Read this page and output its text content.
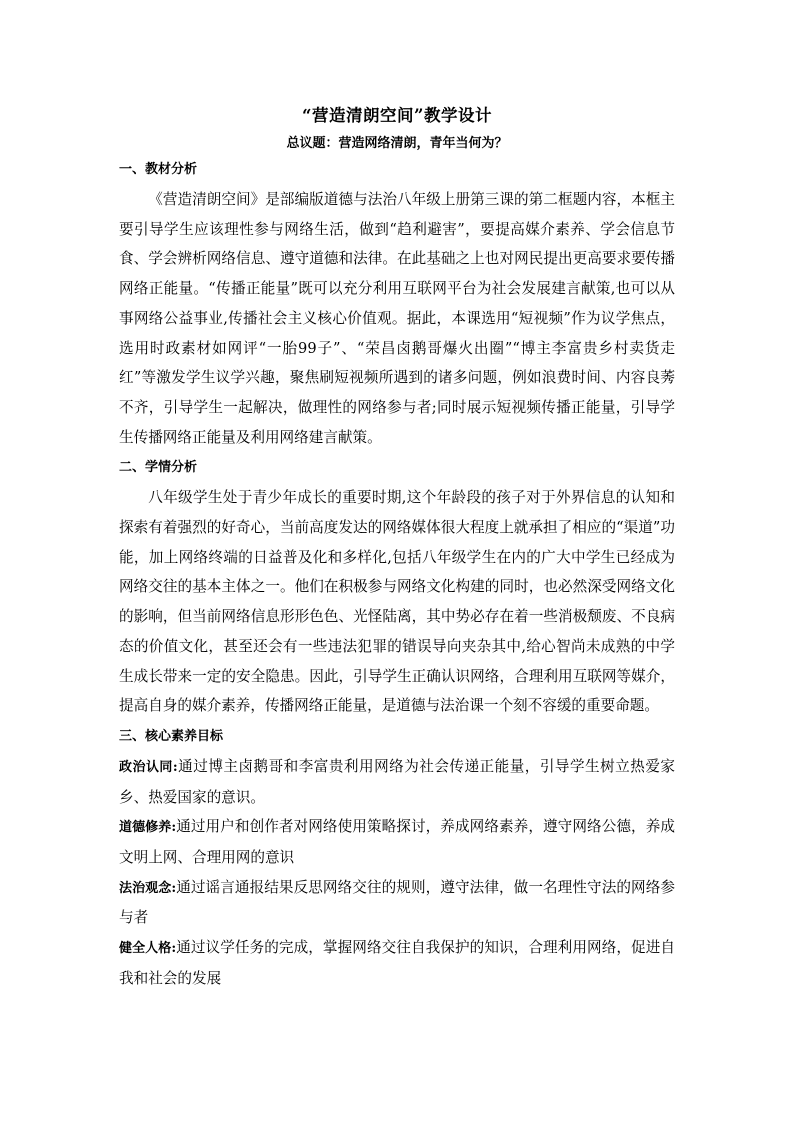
“营造清朗空间”教学设计
总议题：营造网络清朗，青年当何为？
一、教材分析

《营造清朗空间》是部编版道德与法治八年级上册第三课的第二框题内容，本框主要引导学生应该理性参与网络生活，做到“趋利避害”，要提高媒介素养、学会信息节食、学会辨析网络信息、遵守道德和法律。在此基础之上也对网民提出更高要求要传播网络正能量。“传播正能量”既可以充分利用互联网平台为社会发展建言献策,也可以从事网络公益事业,传播社会主义核心价值观。据此，本课选用“短视频”作为议学焦点，选用时政素材如网评“一胎99子”、“荣昌卤鹅哥爆火出圈”“博主李富贵乡村卖货走红”等激发学生议学兴趣，聚焦刷短视频所遇到的诸多问题，例如浪费时间、内容良莠不齐，引导学生一起解决，做理性的网络参与者;同时展示短视频传播正能量，引导学生传播网络正能量及利用网络建言献策。

二、学情分析

八年级学生处于青少年成长的重要时期,这个年龄段的孩子对于外界信息的认知和探索有着强烈的好奇心，当前高度发达的网络媒体很大程度上就承担了相应的“渠道”功能，加上网络终端的日益普及化和多样化,包括八年级学生在内的广大中学生已经成为网络交往的基本主体之一。他们在积极参与网络文化构建的同时，也必然深受网络文化的影响，但当前网络信息形形色色、光怪陆离，其中势必存在着一些消极颓废、不良病态的价值文化，甚至还会有一些违法犯罪的错误导向夹杂其中,给心智尚未成熟的中学生成长带来一定的安全隐患。因此，引导学生正确认识网络，合理利用互联网等媒介，提高自身的媒介素养，传播网络正能量，是道德与法治课一个刻不容缓的重要命题。

三、核心素养目标

政治认同:通过博主卤鹅哥和李富贵利用网络为社会传递正能量，引导学生树立热爱家乡、热爱国家的意识。

道德修养:通过用户和创作者对网络使用策略探讨，养成网络素养，遵守网络公德，养成文明上网、合理用网的意识

法治观念:通过谣言通报结果反思网络交往的规则，遵守法律，做一名理性守法的网络参与者

健全人格:通过议学任务的完成，掌握网络交往自我保护的知识，合理利用网络，促进自我和社会的发展
